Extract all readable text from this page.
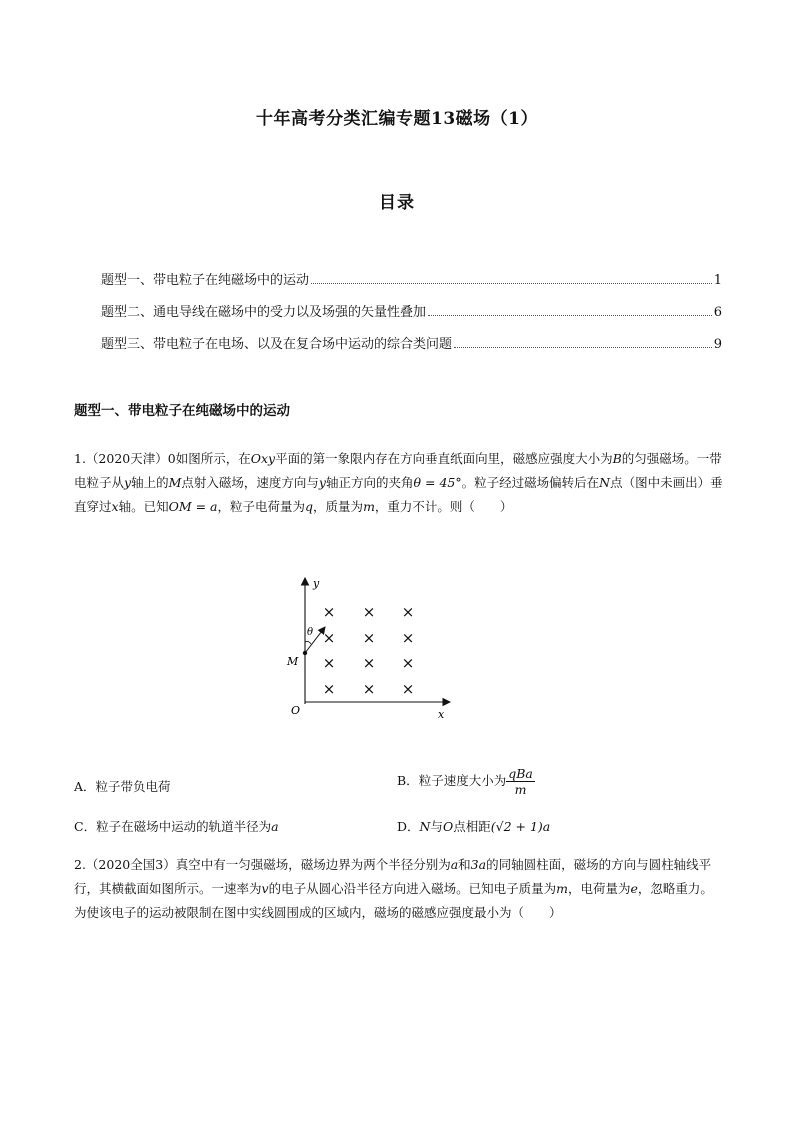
十年高考分类汇编专题13磁场（1）
目录
题型一、带电粒子在纯磁场中的运动	1
题型二、通电导线在磁场中的受力以及场强的矢量性叠加	6
题型三、带电粒子在电场、以及在复合场中运动的综合类问题	9
题型一、带电粒子在纯磁场中的运动
1.（2020天津）0如图所示，在Oxy平面的第一象限内存在方向垂直纸面向里，磁感应强度大小为B的匀强磁场。一带电粒子从y轴上的M点射入磁场，速度方向与y轴正方向的夹角θ = 45°。粒子经过磁场偏转后在N点（图中未画出）垂直穿过x轴。已知OM = a，粒子电荷量为q，质量为m，重力不计。则（　　）
y
x
O
M
θ
× × ×
× × ×
× × ×
× × ×
A．粒子带负电荷	B．粒子速度大小为 $\frac{\text{qBa}}{m}$
C．粒子在磁场中运动的轨道半径为a	D．N与O点相距(√2 + 1)a
2.（2020全国3）真空中有一匀强磁场，磁场边界为两个半径分别为a和3a的同轴圆柱面，磁场的方向与圆柱轴线平行，其横截面如图所示。一速率为v的电子从圆心沿半径方向进入磁场。已知电子质量为m，电荷量为e，忽略重力。为使该电子的运动被限制在图中实线圆围成的区域内，磁场的磁感应强度最小为（　　）
